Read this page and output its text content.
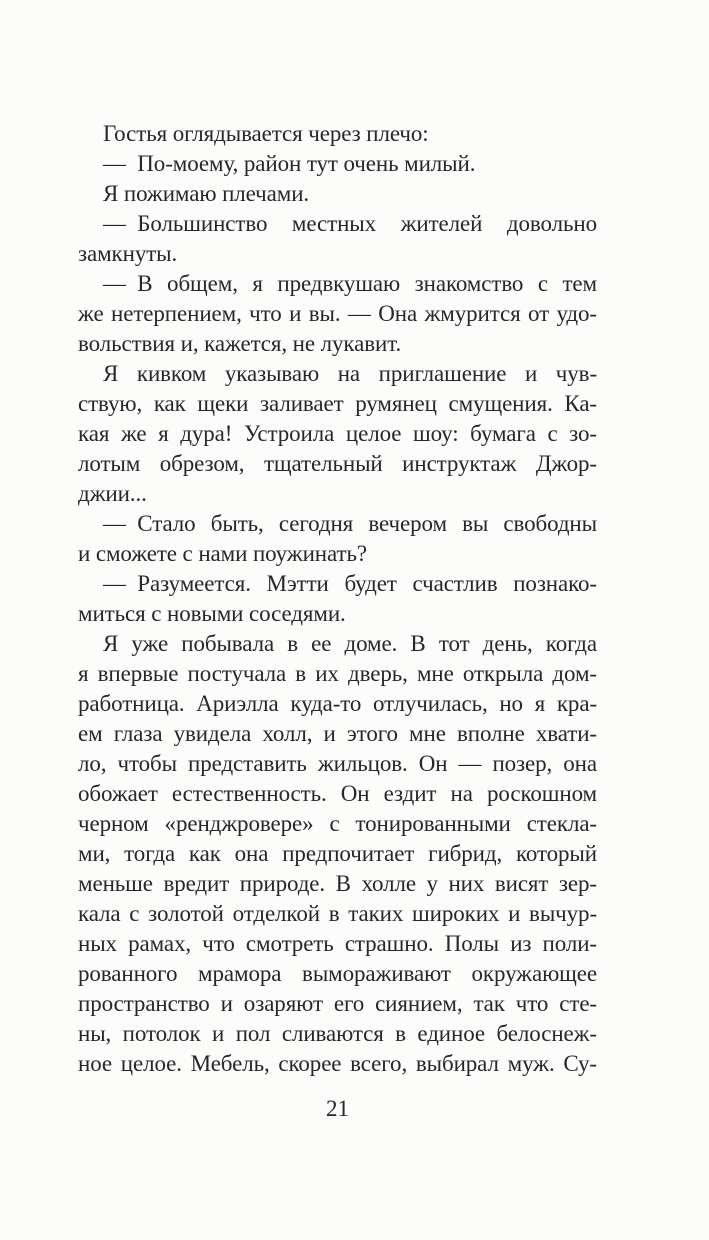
Гостья оглядывается через плечо:
— По-моему, район тут очень милый.
Я пожимаю плечами.
— Большинство местных жителей довольно
замкнуты.
— В общем, я предвкушаю знакомство с тем
же нетерпением, что и вы. — Она жмурится от удо-
вольствия и, кажется, не лукавит.
Я кивком указываю на приглашение и чув-
ствую, как щеки заливает румянец смущения. Ка-
кая же я дура! Устроила целое шоу: бумага с зо-
лотым обрезом, тщательный инструктаж Джор-
джии...
— Стало быть, сегодня вечером вы свободны
и сможете с нами поужинать?
— Разумеется. Мэтти будет счастлив познако-
миться с новыми соседями.
Я уже побывала в ее доме. В тот день, когда
я впервые постучала в их дверь, мне открыла дом-
работница. Ариэлла куда-то отлучилась, но я кра-
ем глаза увидела холл, и этого мне вполне хвати-
ло, чтобы представить жильцов. Он — позер, она
обожает естественность. Он ездит на роскошном
черном «ренджровере» с тонированными стекла-
ми, тогда как она предпочитает гибрид, который
меньше вредит природе. В холле у них висят зер-
кала с золотой отделкой в таких широких и вычур-
ных рамах, что смотреть страшно. Полы из поли-
рованного мрамора вымораживают окружающее
пространство и озаряют его сиянием, так что сте-
ны, потолок и пол сливаются в единое белоснеж-
ное целое. Мебель, скорее всего, выбирал муж. Су-
21
